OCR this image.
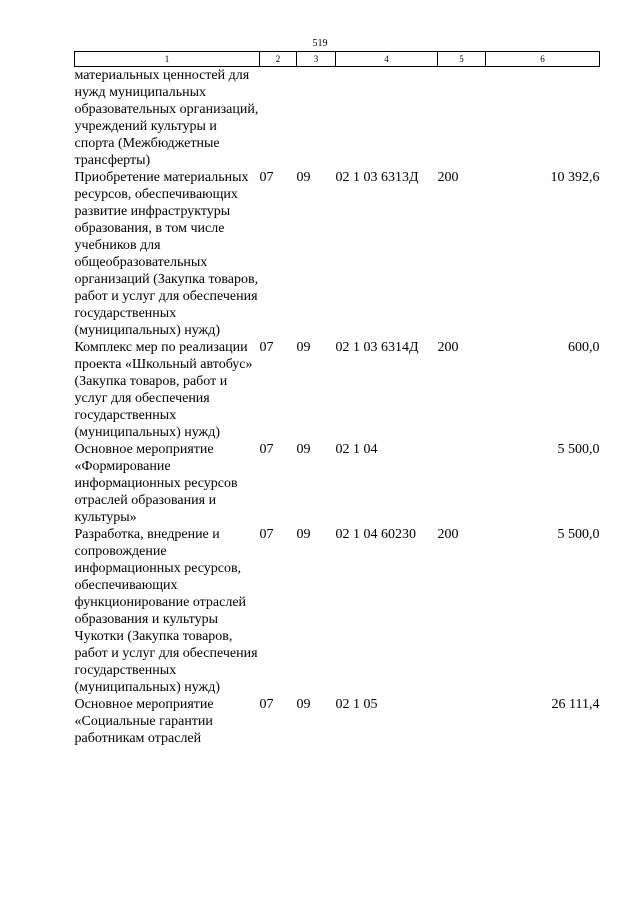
519
1	2	3	4	5	6
материальных ценностей для нужд муниципальных образовательных организаций, учреждений культуры и спорта (Межбюджетные трансферты)					
Приобретение материальных ресурсов, обеспечивающих развитие инфраструктуры образования, в том числе учебников для общеобразовательных организаций (Закупка товаров, работ и услуг для обеспечения государственных (муниципальных) нужд)	07	09	02 1 03 6313Д	200	10 392,6
Комплекс мер по реализации проекта «Школьный автобус» (Закупка товаров, работ и услуг для обеспечения государственных (муниципальных) нужд)	07	09	02 1 03 6314Д	200	600,0
Основное мероприятие «Формирование информационных ресурсов отраслей образования и культуры»	07	09	02 1 04		5 500,0
Разработка, внедрение и сопровождение информационных ресурсов, обеспечивающих функционирование отраслей образования и культуры Чукотки (Закупка товаров, работ и услуг для обеспечения государственных (муниципальных) нужд)	07	09	02 1 04 60230	200	5 500,0
Основное мероприятие «Социальные гарантии работникам отраслей	07	09	02 1 05		26 111,4
